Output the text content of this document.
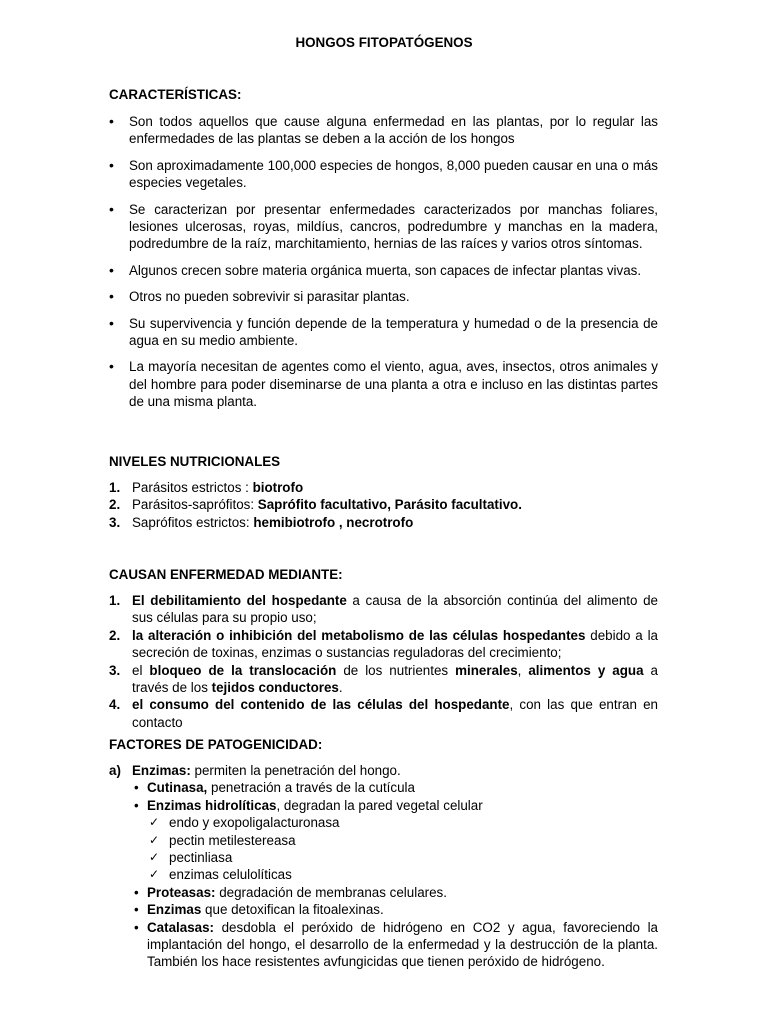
HONGOS FITOPATÓGENOS
CARACTERÍSTICAS:
• Son todos aquellos que cause alguna enfermedad en las plantas, por lo regular las enfermedades de las plantas se deben a la acción de los hongos
• Son aproximadamente 100,000 especies de hongos, 8,000 pueden causar en una o más especies vegetales.
• Se caracterizan por presentar enfermedades caracterizados por manchas foliares, lesiones ulcerosas, royas, mildíus, cancros, podredumbre y manchas en la madera, podredumbre de la raíz, marchitamiento, hernias de las raíces y varios otros síntomas.
• Algunos crecen sobre materia orgánica muerta, son capaces de infectar plantas vivas.
• Otros no pueden sobrevivir si parasitar plantas.
• Su supervivencia y función depende de la temperatura y humedad o de la presencia de agua en su medio ambiente.
• La mayoría necesitan de agentes como el viento, agua, aves, insectos, otros animales y del hombre para poder diseminarse de una planta a otra e incluso en las distintas partes de una misma planta.
NIVELES NUTRICIONALES
1. Parásitos estrictos : biotrofo
2. Parásitos-saprófitos: Saprófito facultativo, Parásito facultativo.
3. Saprófitos estrictos: hemibiotrofo , necrotrofo
CAUSAN ENFERMEDAD MEDIANTE:
1. El debilitamiento del hospedante a causa de la absorción continúa del alimento de sus células para su propio uso;
2. la alteración o inhibición del metabolismo de las células hospedantes debido a la secreción de toxinas, enzimas o sustancias reguladoras del crecimiento;
3. el bloqueo de la translocación de los nutrientes minerales, alimentos y agua a través de los tejidos conductores.
4. el consumo del contenido de las células del hospedante, con las que entran en contacto
FACTORES DE PATOGENICIDAD:
a) Enzimas: permiten la penetración del hongo.
• Cutinasa, penetración a través de la cutícula
• Enzimas hidrolíticas, degradan la pared vegetal celular
✓ endo y exopoligalacturonasa
✓ pectin metilestereasa
✓ pectinliasa
✓ enzimas celulolíticas
• Proteasas: degradación de membranas celulares.
• Enzimas que detoxifican la fitoalexinas.
• Catalasas: desdobla el peróxido de hidrógeno en CO2 y agua, favoreciendo la implantación del hongo, el desarrollo de la enfermedad y la destrucción de la planta. También los hace resistentes avfungicidas que tienen peróxido de hidrógeno.
